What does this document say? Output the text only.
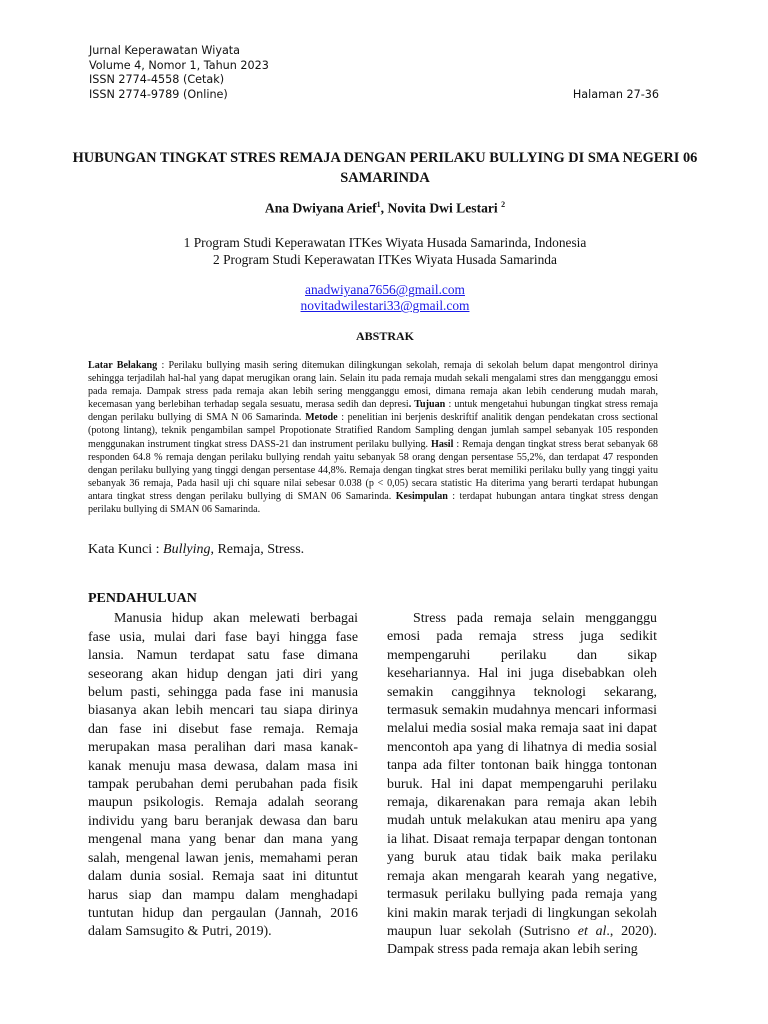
Jurnal Keperawatan Wiyata
Volume 4, Nomor 1, Tahun 2023
ISSN 2774-4558 (Cetak)
ISSN 2774-9789 (Online)	Halaman 27-36
HUBUNGAN TINGKAT STRES REMAJA DENGAN PERILAKU BULLYING DI SMA NEGERI 06 SAMARINDA
Ana Dwiyana Arief$^1$, Novita Dwi Lestari $^2$
1 Program Studi Keperawatan ITKes Wiyata Husada Samarinda, Indonesia
2 Program Studi Keperawatan ITKes Wiyata Husada Samarinda
anadwiyana7656@gmail.com
novitadwilestari33@gmail.com
ABSTRAK
Latar Belakang : Perilaku bullying masih sering ditemukan dilingkungan sekolah, remaja di sekolah belum dapat mengontrol dirinya sehingga terjadilah hal-hal yang dapat merugikan orang lain. Selain itu pada remaja mudah sekali mengalami stres dan mengganggu emosi pada remaja. Dampak stress pada remaja akan lebih sering mengganggu emosi, dimana remaja akan lebih cenderung mudah marah, kecemasan yang berlebihan terhadap segala sesuatu, merasa sedih dan depresi. Tujuan : untuk mengetahui hubungan tingkat stress remaja dengan perilaku bullying di SMA N 06 Samarinda. Metode : penelitian ini berjenis deskriftif analitik dengan pendekatan cross sectional (potong lintang), teknik pengambilan sampel Propotionate Stratified Random Sampling dengan jumlah sampel sebanyak 105 responden menggunakan instrument tingkat stress DASS-21 dan instrument perilaku bullying. Hasil : Remaja dengan tingkat stress berat sebanyak 68 responden 64.8 % remaja dengan perilaku bullying rendah yaitu sebanyak 58 orang dengan persentase 55,2%, dan terdapat 47 responden dengan perilaku bullying yang tinggi dengan persentase 44,8%. Remaja dengan tingkat stres berat memiliki perilaku bully yang tinggi yaitu sebanyak 36 remaja, Pada hasil uji chi square nilai sebesar 0.038 (p < 0,05) secara statistic Ha diterima yang berarti terdapat hubungan antara tingkat stress dengan perilaku bullying di SMAN 06 Samarinda. Kesimpulan : terdapat hubungan antara tingkat stress dengan perilaku bullying di SMAN 06 Samarinda.
Kata Kunci : Bullying, Remaja, Stress.
PENDAHULUAN

Manusia hidup akan melewati berbagai fase usia, mulai dari fase bayi hingga fase lansia. Namun terdapat satu fase dimana seseorang akan hidup dengan jati diri yang belum pasti, sehingga pada fase ini manusia biasanya akan lebih mencari tau siapa dirinya dan fase ini disebut fase remaja. Remaja merupakan masa peralihan dari masa kanak-kanak menuju masa dewasa, dalam masa ini tampak perubahan demi perubahan pada fisik maupun psikologis. Remaja adalah seorang individu yang baru beranjak dewasa dan baru mengenal mana yang benar dan mana yang salah, mengenal lawan jenis, memahami peran dalam dunia sosial. Remaja saat ini dituntut harus siap dan mampu dalam menghadapi tuntutan hidup dan pergaulan (Jannah, 2016 dalam Samsugito & Putri, 2019).

Stress pada remaja selain mengganggu emosi pada remaja stress juga sedikit mempengaruhi perilaku dan sikap kesehariannya. Hal ini juga disebabkan oleh semakin canggihnya teknologi sekarang, termasuk semakin mudahnya mencari informasi melalui media sosial maka remaja saat ini dapat mencontoh apa yang di lihatnya di media sosial tanpa ada filter tontonan baik hingga tontonan buruk. Hal ini dapat mempengaruhi perilaku remaja, dikarenakan para remaja akan lebih mudah untuk melakukan atau meniru apa yang ia lihat. Disaat remaja terpapar dengan tontonan yang buruk atau tidak baik maka perilaku remaja akan mengarah kearah yang negative, termasuk perilaku bullying pada remaja yang kini makin marak terjadi di lingkungan sekolah maupun luar sekolah (Sutrisno et al., 2020). Dampak stress pada remaja akan lebih sering
